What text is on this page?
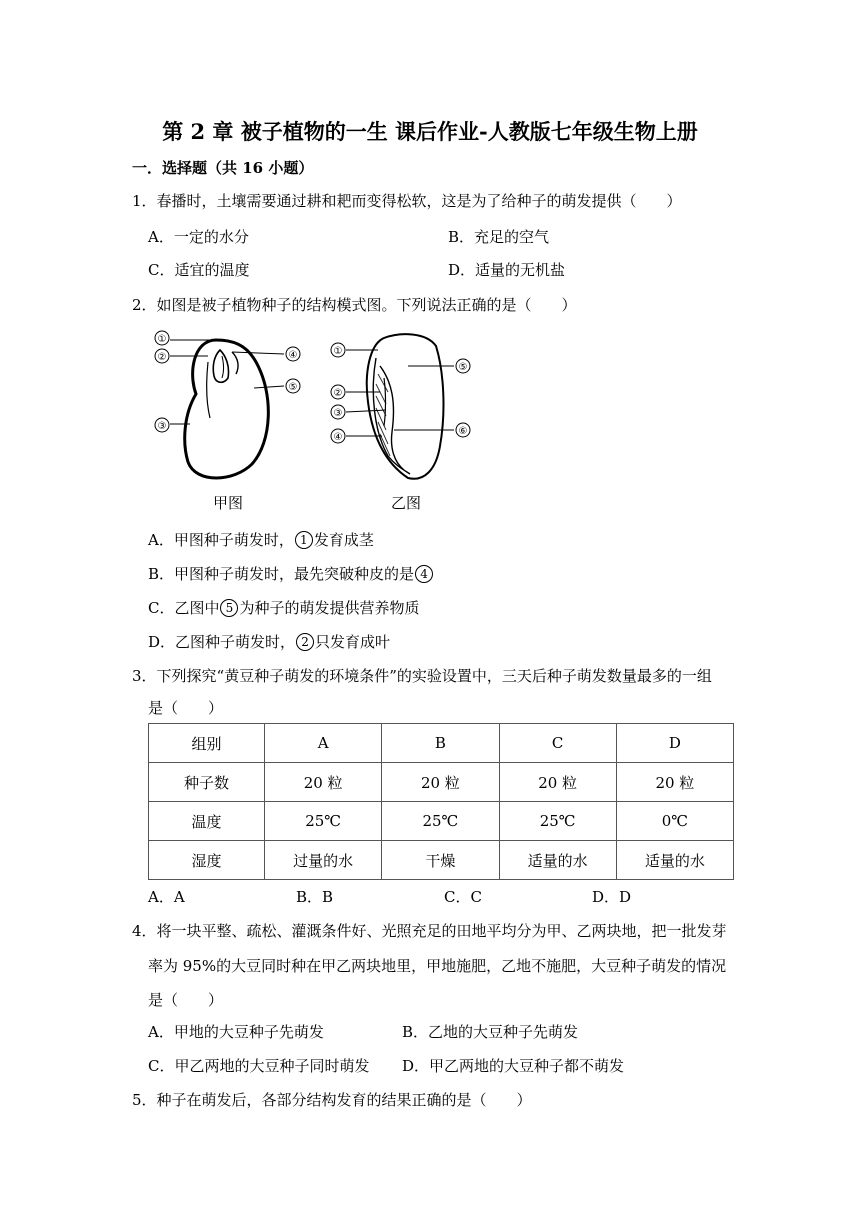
第 2 章 被子植物的一生 课后作业-人教版七年级生物上册
一．选择题（共 16 小题）
1．春播时，土壤需要通过耕和耙而变得松软，这是为了给种子的萌发提供（　　）
A．一定的水分	B．充足的空气
C．适宜的温度	D．适量的无机盐
2．如图是被子植物种子的结构模式图。下列说法正确的是（　　）
①
②
③
④
⑤
甲图
①
②
③
④
⑤
⑥
乙图
A．甲图种子萌发时， 1 发育成茎
B．甲图种子萌发时，最先突破种皮的是 4
C．乙图中 5 为种子的萌发提供营养物质
D．乙图种子萌发时， 2 只发育成叶
3．下列探究“黄豆种子萌发的环境条件”的实验设置中，三天后种子萌发数量最多的一组
是（　　）
组别	A	B	C	D
种子数	20 粒	20 粒	20 粒	20 粒
温度	25℃	25℃	25℃	0℃
湿度	过量的水	干燥	适量的水	适量的水
A．A	B．B	C．C	D．D
4．将一块平整、疏松、灌溉条件好、光照充足的田地平均分为甲、乙两块地，把一批发芽
率为 95%的大豆同时种在甲乙两块地里，甲地施肥，乙地不施肥，大豆种子萌发的情况
是（　　）
A．甲地的大豆种子先萌发	B．乙地的大豆种子先萌发
C．甲乙两地的大豆种子同时萌发 D．甲乙两地的大豆种子都不萌发
5．种子在萌发后，各部分结构发育的结果正确的是（　　）
